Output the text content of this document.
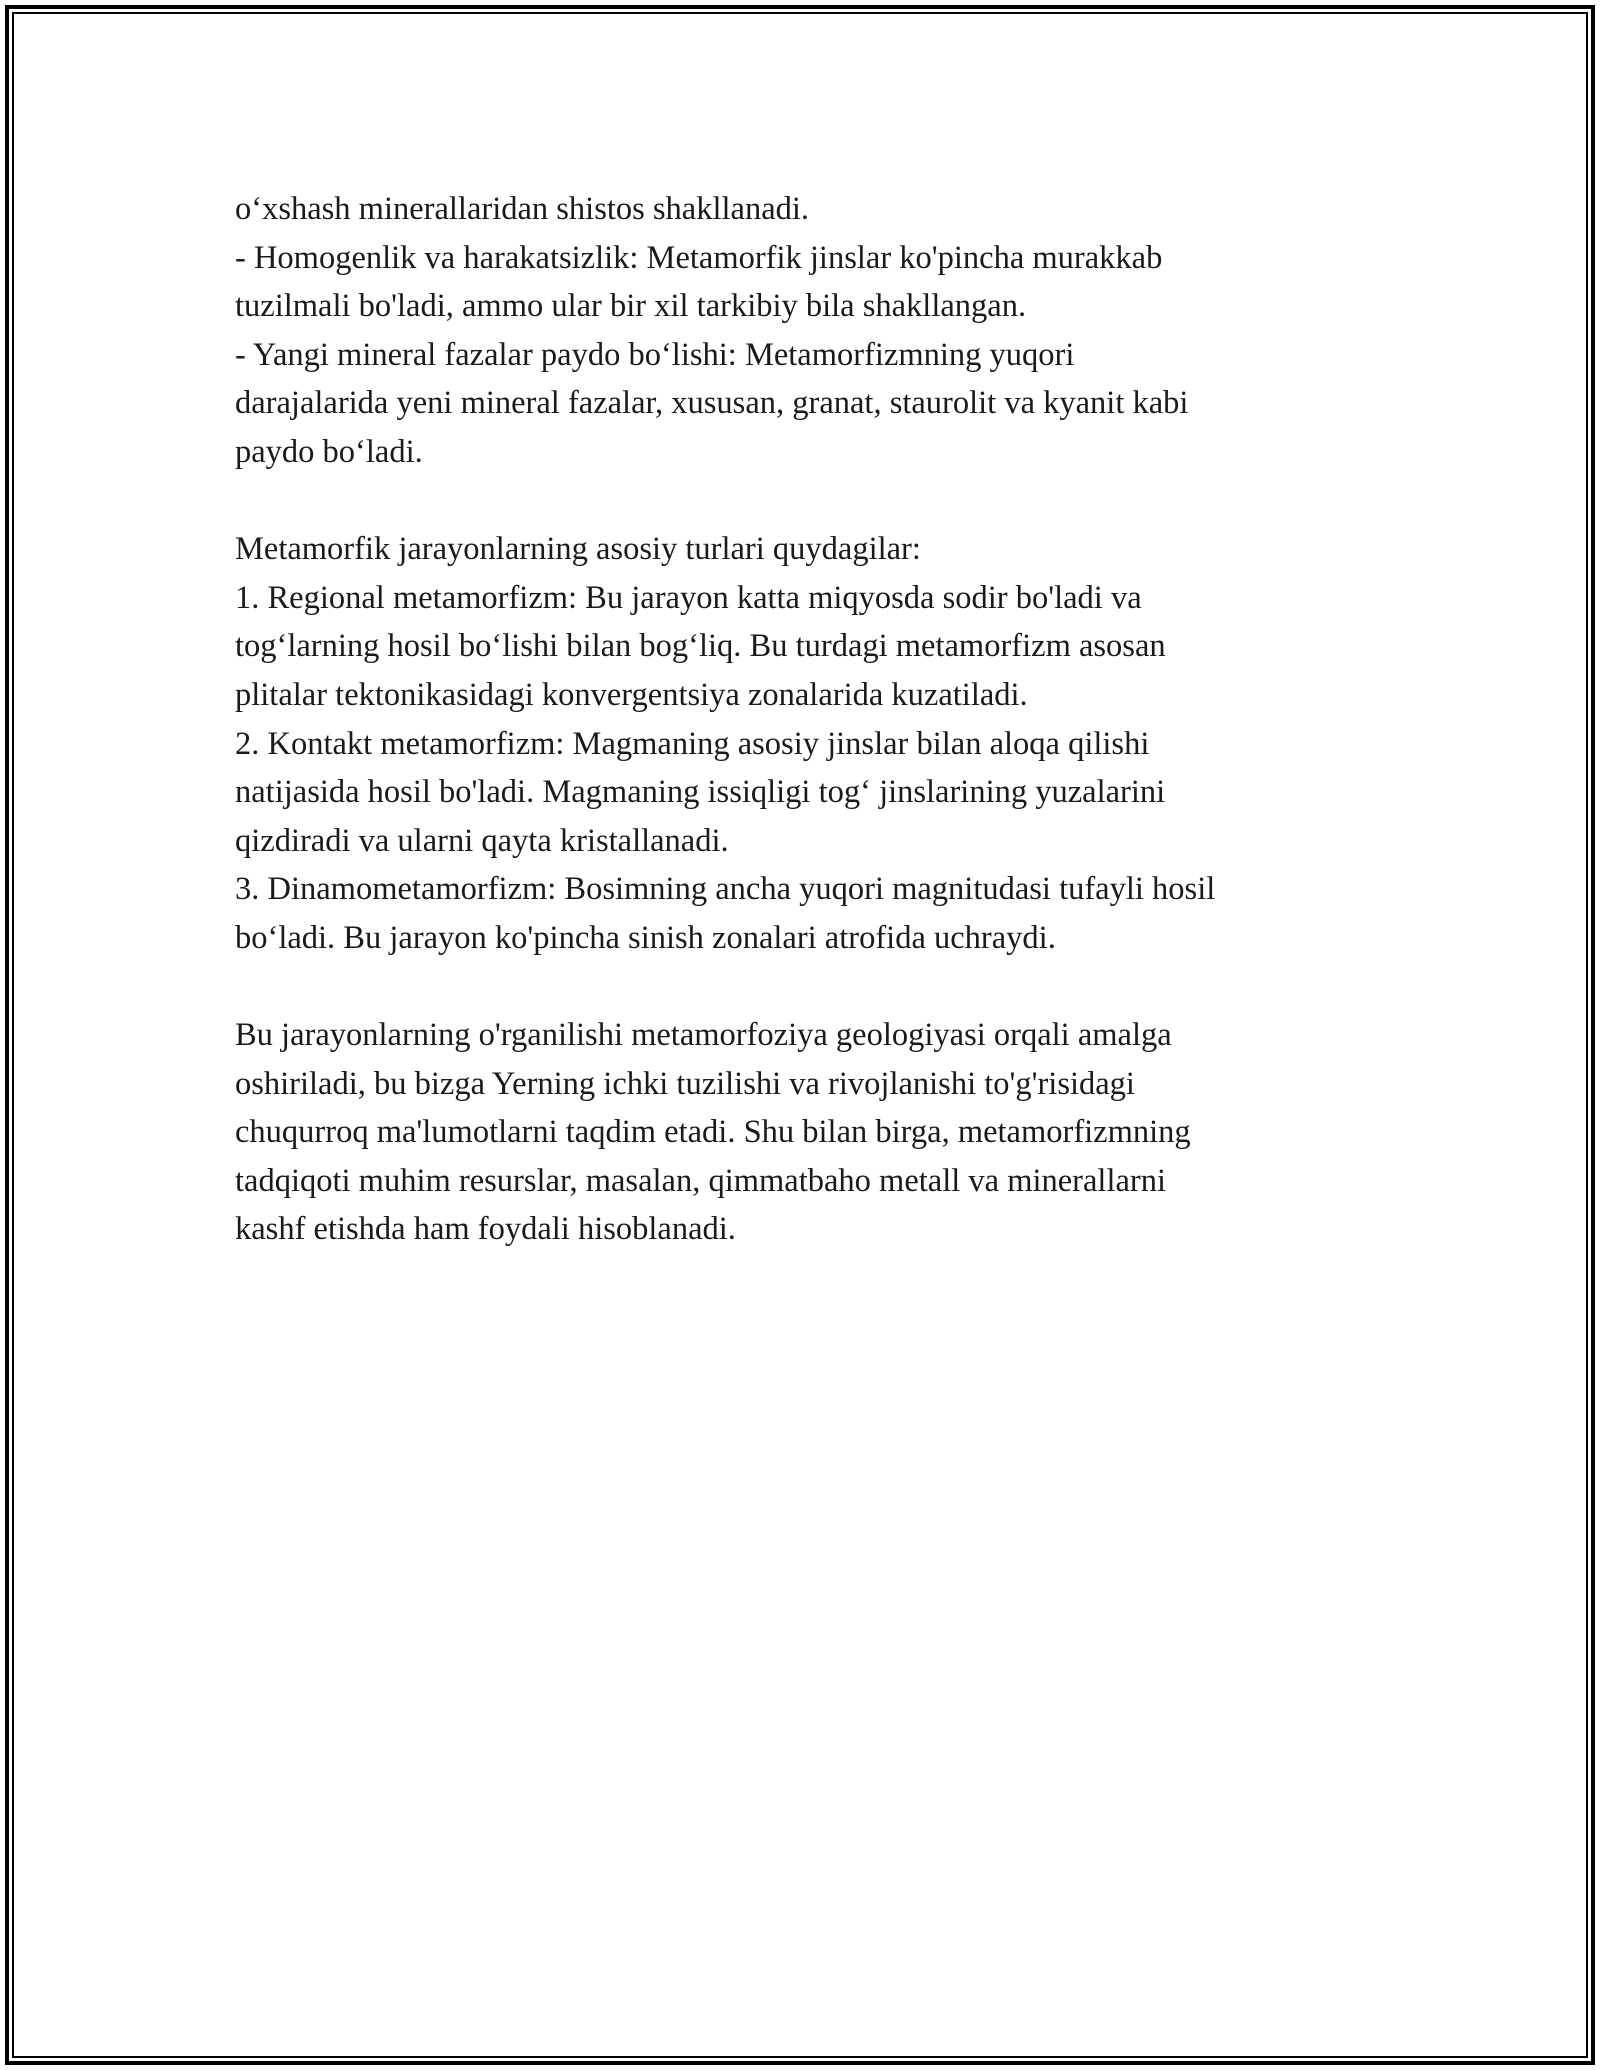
o‘xshash minerallaridan shistos shakllanadi.
- Homogenlik va harakatsizlik: Metamorfik jinslar ko'pincha murakkab
tuzilmali bo'ladi, ammo ular bir xil tarkibiy bila shakllangan.
- Yangi mineral fazalar paydo bo‘lishi: Metamorfizmning yuqori
darajalarida yeni mineral fazalar, xususan, granat, staurolit va kyanit kabi
paydo bo‘ladi.
Metamorfik jarayonlarning asosiy turlari quydagilar:
1. Regional metamorfizm: Bu jarayon katta miqyosda sodir bo'ladi va
tog‘larning hosil bo‘lishi bilan bog‘liq. Bu turdagi metamorfizm asosan
plitalar tektonikasidagi konvergentsiya zonalarida kuzatiladi.
2. Kontakt metamorfizm: Magmaning asosiy jinslar bilan aloqa qilishi
natijasida hosil bo'ladi. Magmaning issiqligi tog‘ jinslarining yuzalarini
qizdiradi va ularni qayta kristallanadi.
3. Dinamometamorfizm: Bosimning ancha yuqori magnitudasi tufayli hosil
bo‘ladi. Bu jarayon ko'pincha sinish zonalari atrofida uchraydi.
Bu jarayonlarning o'rganilishi metamorfoziya geologiyasi orqali amalga
oshiriladi, bu bizga Yerning ichki tuzilishi va rivojlanishi to'g'risidagi
chuqurroq ma'lumotlarni taqdim etadi. Shu bilan birga, metamorfizmning
tadqiqoti muhim resurslar, masalan, qimmatbaho metall va minerallarni
kashf etishda ham foydali hisoblanadi.
